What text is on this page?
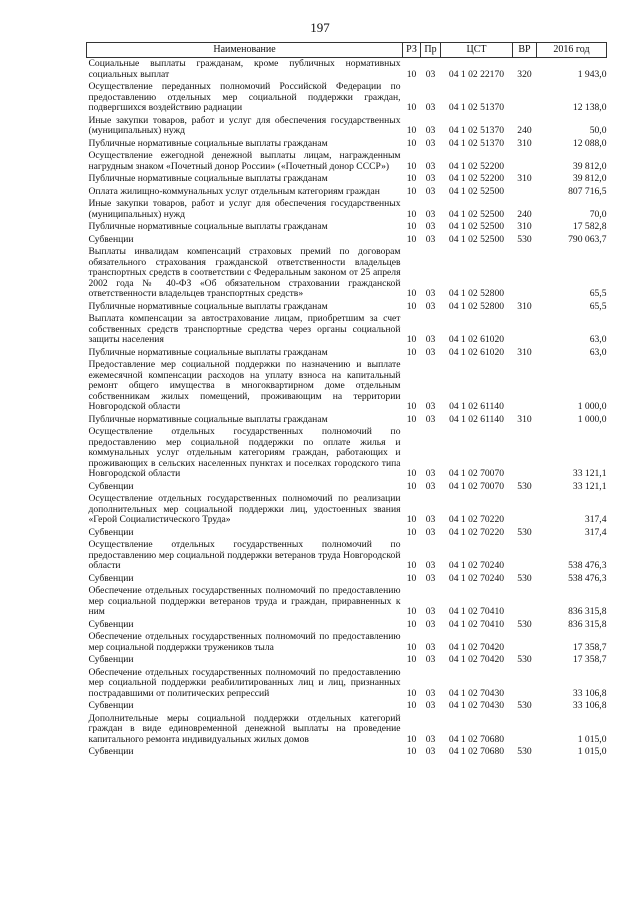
197
Наименование	РЗ	Пр	ЦСТ	ВР	2016 год
Социальные выплаты гражданам, кроме публичных нормативных социальных выплат	10	03	04 1 02 22170	320	1 943,0
Осуществление переданных полномочий Российской Федерации по предоставлению отдельных мер социальной поддержки граждан, подвергшихся воздействию радиации	10	03	04 1 02 51370		12 138,0
Иные закупки товаров, работ и услуг для обеспечения государственных (муниципальных) нужд	10	03	04 1 02 51370	240	50,0
Публичные нормативные социальные выплаты гражданам	10	03	04 1 02 51370	310	12 088,0
Осуществление ежегодной денежной выплаты лицам, награжденным нагрудным знаком «Почетный донор России» («Почетный донор СССР»)	10	03	04 1 02 52200		39 812,0
Публичные нормативные социальные выплаты гражданам	10	03	04 1 02 52200	310	39 812,0
Оплата жилищно-коммунальных услуг отдельным категориям граждан	10	03	04 1 02 52500		807 716,5
Иные закупки товаров, работ и услуг для обеспечения государственных (муниципальных) нужд	10	03	04 1 02 52500	240	70,0
Публичные нормативные социальные выплаты гражданам	10	03	04 1 02 52500	310	17 582,8
Субвенции	10	03	04 1 02 52500	530	790 063,7
Выплаты инвалидам компенсаций страховых премий по договорам обязательного страхования гражданской ответственности владельцев транспортных средств в соответствии с Федеральным законом от 25 апреля 2002 года № 40-ФЗ «Об обязательном страховании гражданской ответственности владельцев транспортных средств»	10	03	04 1 02 52800		65,5
Публичные нормативные социальные выплаты гражданам	10	03	04 1 02 52800	310	65,5
Выплата компенсации за автострахование лицам, приобретшим за счет собственных средств транспортные средства через органы социальной защиты населения	10	03	04 1 02 61020		63,0
Публичные нормативные социальные выплаты гражданам	10	03	04 1 02 61020	310	63,0
Предоставление мер социальной поддержки по назначению и выплате ежемесячной компенсации расходов на уплату взноса на капитальный ремонт общего имущества в многоквартирном доме отдельным собственникам жилых помещений, проживающим на территории Новгородской области	10	03	04 1 02 61140		1 000,0
Публичные нормативные социальные выплаты гражданам	10	03	04 1 02 61140	310	1 000,0
Осуществление отдельных государственных полномочий по предоставлению мер социальной поддержки по оплате жилья и коммунальных услуг отдельным категориям граждан, работающих и проживающих в сельских населенных пунктах и поселках городского типа Новгородской области	10	03	04 1 02 70070		33 121,1
Субвенции	10	03	04 1 02 70070	530	33 121,1
Осуществление отдельных государственных полномочий по реализации дополнительных мер социальной поддержки лиц, удостоенных звания «Герой Социалистического Труда»	10	03	04 1 02 70220		317,4
Субвенции	10	03	04 1 02 70220	530	317,4
Осуществление отдельных государственных полномочий по предоставлению мер социальной поддержки ветеранов труда Новгородской области	10	03	04 1 02 70240		538 476,3
Субвенции	10	03	04 1 02 70240	530	538 476,3
Обеспечение отдельных государственных полномочий по предоставлению мер социальной поддержки ветеранов труда и граждан, приравненных к ним	10	03	04 1 02 70410		836 315,8
Субвенции	10	03	04 1 02 70410	530	836 315,8
Обеспечение отдельных государственных полномочий по предоставлению мер социальной поддержки тружеников тыла	10	03	04 1 02 70420		17 358,7
Субвенции	10	03	04 1 02 70420	530	17 358,7
Обеспечение отдельных государственных полномочий по предоставлению мер социальной поддержки реабилитированных лиц и лиц, признанных пострадавшими от политических репрессий	10	03	04 1 02 70430		33 106,8
Субвенции	10	03	04 1 02 70430	530	33 106,8
Дополнительные меры социальной поддержки отдельных категорий граждан в виде единовременной денежной выплаты на проведение капитального ремонта индивидуальных жилых домов	10	03	04 1 02 70680		1 015,0
Субвенции	10	03	04 1 02 70680	530	1 015,0
